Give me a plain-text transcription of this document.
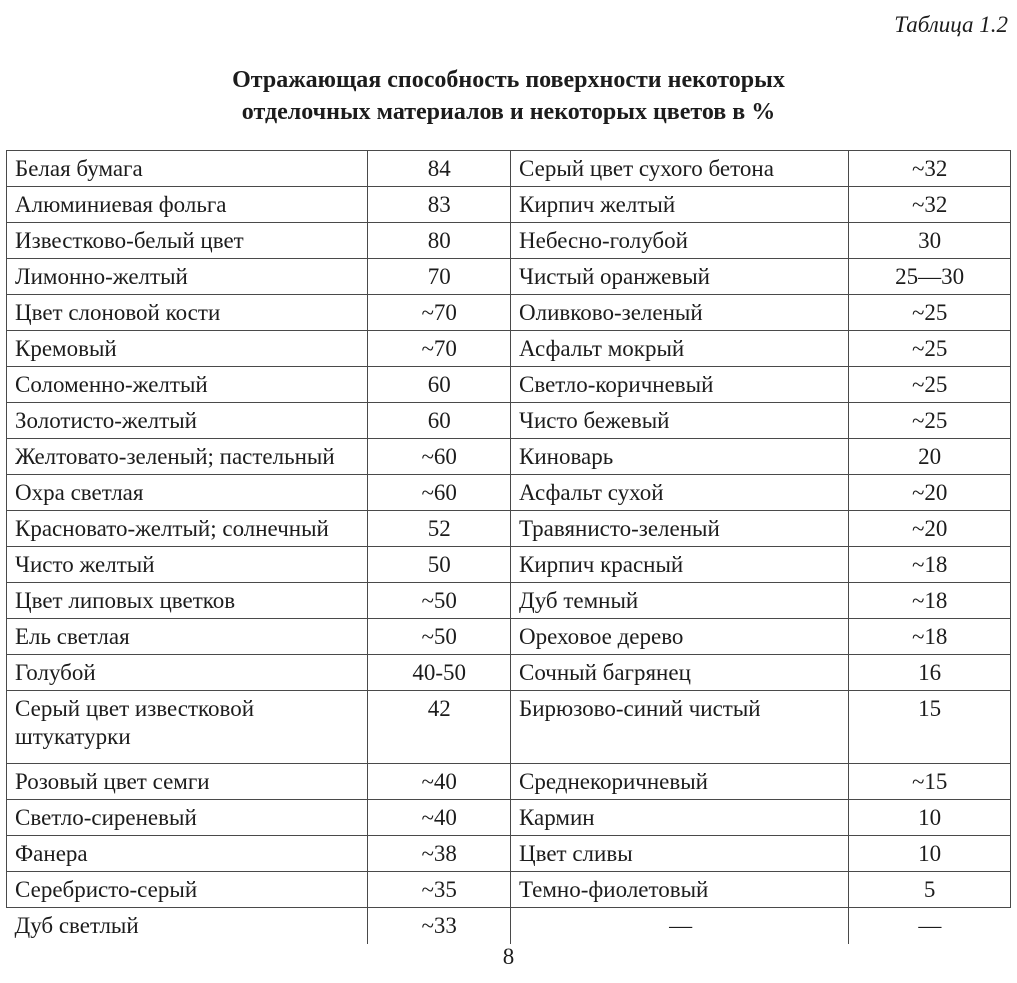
Таблица 1.2
Отражающая способность поверхности некоторых
отделочных материалов и некоторых цветов в %
Белая бумага	84	Серый цвет сухого бетона	~32
Алюминиевая фольга	83	Кирпич желтый	~32
Известково-белый цвет	80	Небесно-голубой	30
Лимонно-желтый	70	Чистый оранжевый	25—30
Цвет слоновой кости	~70	Оливково-зеленый	~25
Кремовый	~70	Асфальт мокрый	~25
Соломенно-желтый	60	Светло-коричневый	~25
Золотисто-желтый	60	Чисто бежевый	~25
Желтовато-зеленый; пастельный	~60	Киноварь	20
Охра светлая	~60	Асфальт сухой	~20
Красновато-желтый; солнечный	52	Травянисто-зеленый	~20
Чисто желтый	50	Кирпич красный	~18
Цвет липовых цветков	~50	Дуб темный	~18
Ель светлая	~50	Ореховое дерево	~18
Голубой	40-50	Сочный багрянец	16
Серый цвет известковой штукатурки	42	Бирюзово-синий чистый	15
Розовый цвет семги	~40	Среднекоричневый	~15
Светло-сиреневый	~40	Кармин	10
Фанера	~38	Цвет сливы	10
Серебристо-серый	~35	Темно-фиолетовый	5
Дуб светлый	~33	—	—
8
